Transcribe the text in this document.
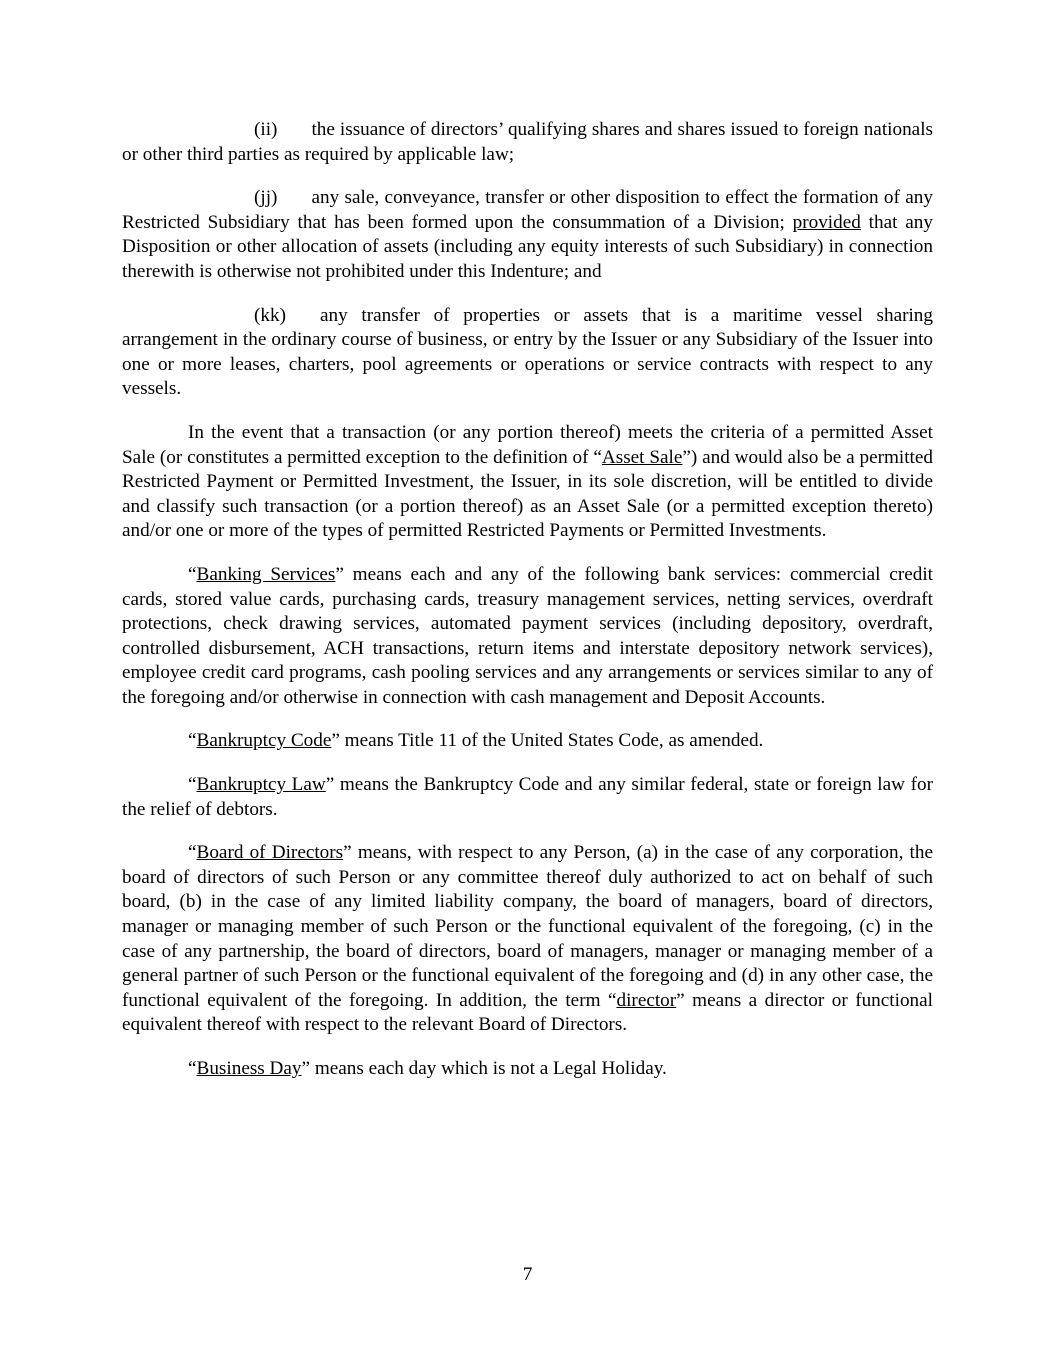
(ii) the issuance of directors’ qualifying shares and shares issued to foreign nationals or other third parties as required by applicable law;

(jj) any sale, conveyance, transfer or other disposition to effect the formation of any Restricted Subsidiary that has been formed upon the consummation of a Division; provided that any Disposition or other allocation of assets (including any equity interests of such Subsidiary) in connection therewith is otherwise not prohibited under this Indenture; and

(kk) any transfer of properties or assets that is a maritime vessel sharing arrangement in the ordinary course of business, or entry by the Issuer or any Subsidiary of the Issuer into one or more leases, charters, pool agreements or operations or service contracts with respect to any vessels.

In the event that a transaction (or any portion thereof) meets the criteria of a permitted Asset Sale (or constitutes a permitted exception to the definition of “Asset Sale”) and would also be a permitted Restricted Payment or Permitted Investment, the Issuer, in its sole discretion, will be entitled to divide and classify such transaction (or a portion thereof) as an Asset Sale (or a permitted exception thereto) and/or one or more of the types of permitted Restricted Payments or Permitted Investments.

“Banking Services” means each and any of the following bank services: commercial credit cards, stored value cards, purchasing cards, treasury management services, netting services, overdraft protections, check drawing services, automated payment services (including depository, overdraft, controlled disbursement, ACH transactions, return items and interstate depository network services), employee credit card programs, cash pooling services and any arrangements or services similar to any of the foregoing and/or otherwise in connection with cash management and Deposit Accounts.

“Bankruptcy Code” means Title 11 of the United States Code, as amended.

“Bankruptcy Law” means the Bankruptcy Code and any similar federal, state or foreign law for the relief of debtors.

“Board of Directors” means, with respect to any Person, (a) in the case of any corporation, the board of directors of such Person or any committee thereof duly authorized to act on behalf of such board, (b) in the case of any limited liability company, the board of managers, board of directors, manager or managing member of such Person or the functional equivalent of the foregoing, (c) in the case of any partnership, the board of directors, board of managers, manager or managing member of a general partner of such Person or the functional equivalent of the foregoing and (d) in any other case, the functional equivalent of the foregoing. In addition, the term “director” means a director or functional equivalent thereof with respect to the relevant Board of Directors.

“Business Day” means each day which is not a Legal Holiday.

7
